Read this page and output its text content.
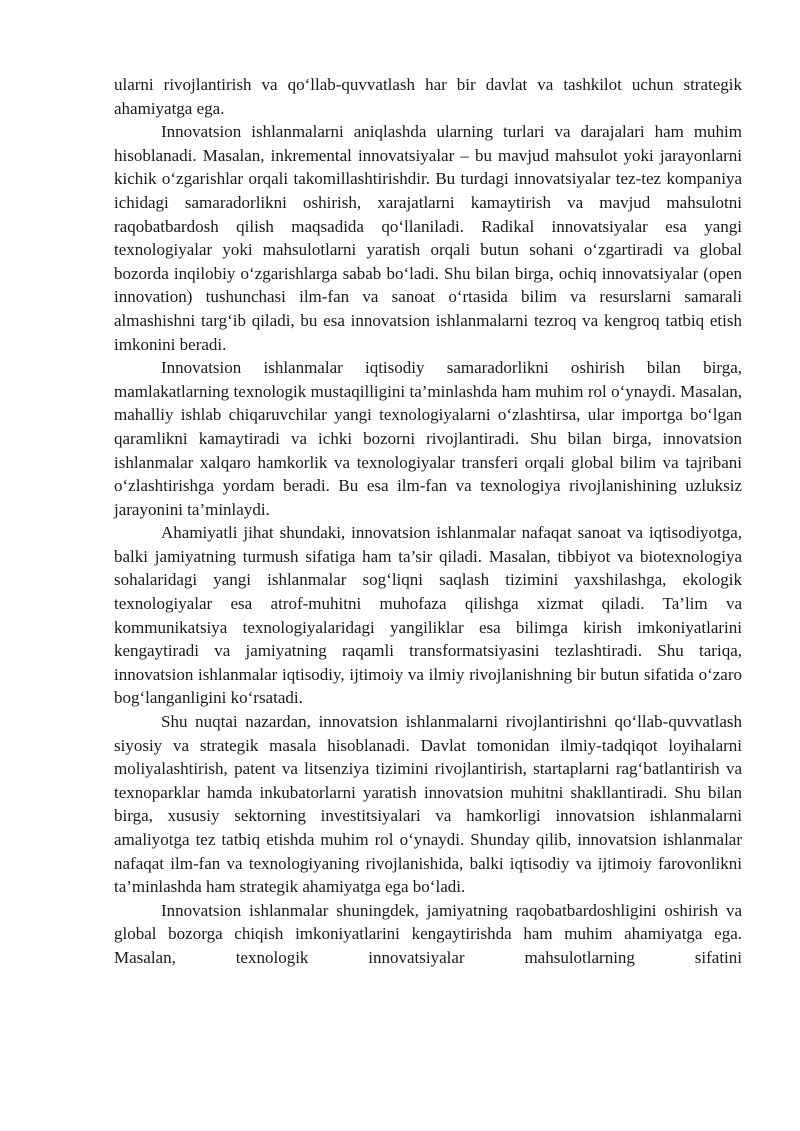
ularni rivojlantirish va qo‘llab-quvvatlash har bir davlat va tashkilot uchun strategik ahamiyatga ega.

Innovatsion ishlanmalarni aniqlashda ularning turlari va darajalari ham muhim hisoblanadi. Masalan, inkremental innovatsiyalar – bu mavjud mahsulot yoki jarayonlarni kichik o‘zgarishlar orqali takomillashtirishdir. Bu turdagi innovatsiyalar tez-tez kompaniya ichidagi samaradorlikni oshirish, xarajatlarni kamaytirish va mavjud mahsulotni raqobatbardosh qilish maqsadida qo‘llaniladi. Radikal innovatsiyalar esa yangi texnologiyalar yoki mahsulotlarni yaratish orqali butun sohani o‘zgartiradi va global bozorda inqilobiy o‘zgarishlarga sabab bo‘ladi. Shu bilan birga, ochiq innovatsiyalar (open innovation) tushunchasi ilm-fan va sanoat o‘rtasida bilim va resurslarni samarali almashishni targ‘ib qiladi, bu esa innovatsion ishlanmalarni tezroq va kengroq tatbiq etish imkonini beradi.

Innovatsion ishlanmalar iqtisodiy samaradorlikni oshirish bilan birga, mamlakatlarning texnologik mustaqilligini ta’minlashda ham muhim rol o‘ynaydi. Masalan, mahalliy ishlab chiqaruvchilar yangi texnologiyalarni o‘zlashtirsa, ular importga bo‘lgan qaramlikni kamaytiradi va ichki bozorni rivojlantiradi. Shu bilan birga, innovatsion ishlanmalar xalqaro hamkorlik va texnologiyalar transferi orqali global bilim va tajribani o‘zlashtirishga yordam beradi. Bu esa ilm-fan va texnologiya rivojlanishining uzluksiz jarayonini ta’minlaydi.

Ahamiyatli jihat shundaki, innovatsion ishlanmalar nafaqat sanoat va iqtisodiyotga, balki jamiyatning turmush sifatiga ham ta’sir qiladi. Masalan, tibbiyot va biotexnologiya sohalaridagi yangi ishlanmalar sog‘liqni saqlash tizimini yaxshilashga, ekologik texnologiyalar esa atrof-muhitni muhofaza qilishga xizmat qiladi. Ta’lim va kommunikatsiya texnologiyalaridagi yangiliklar esa bilimga kirish imkoniyatlarini kengaytiradi va jamiyatning raqamli transformatsiyasini tezlashtiradi. Shu tariqa, innovatsion ishlanmalar iqtisodiy, ijtimoiy va ilmiy rivojlanishning bir butun sifatida o‘zaro bog‘langanligini ko‘rsatadi.

Shu nuqtai nazardan, innovatsion ishlanmalarni rivojlantirishni qo‘llab-quvvatlash siyosiy va strategik masala hisoblanadi. Davlat tomonidan ilmiy-tadqiqot loyihalarni moliyalashtirish, patent va litsenziya tizimini rivojlantirish, startaplarni rag‘batlantirish va texnoparklar hamda inkubatorlarni yaratish innovatsion muhitni shakllantiradi. Shu bilan birga, xususiy sektorning investitsiyalari va hamkorligi innovatsion ishlanmalarni amaliyotga tez tatbiq etishda muhim rol o‘ynaydi. Shunday qilib, innovatsion ishlanmalar nafaqat ilm-fan va texnologiyaning rivojlanishida, balki iqtisodiy va ijtimoiy farovonlikni ta’minlashda ham strategik ahamiyatga ega bo‘ladi.

Innovatsion ishlanmalar shuningdek, jamiyatning raqobatbardoshligini oshirish va global bozorga chiqish imkoniyatlarini kengaytirishda ham muhim ahamiyatga ega. Masalan, texnologik innovatsiyalar mahsulotlarning sifatini
